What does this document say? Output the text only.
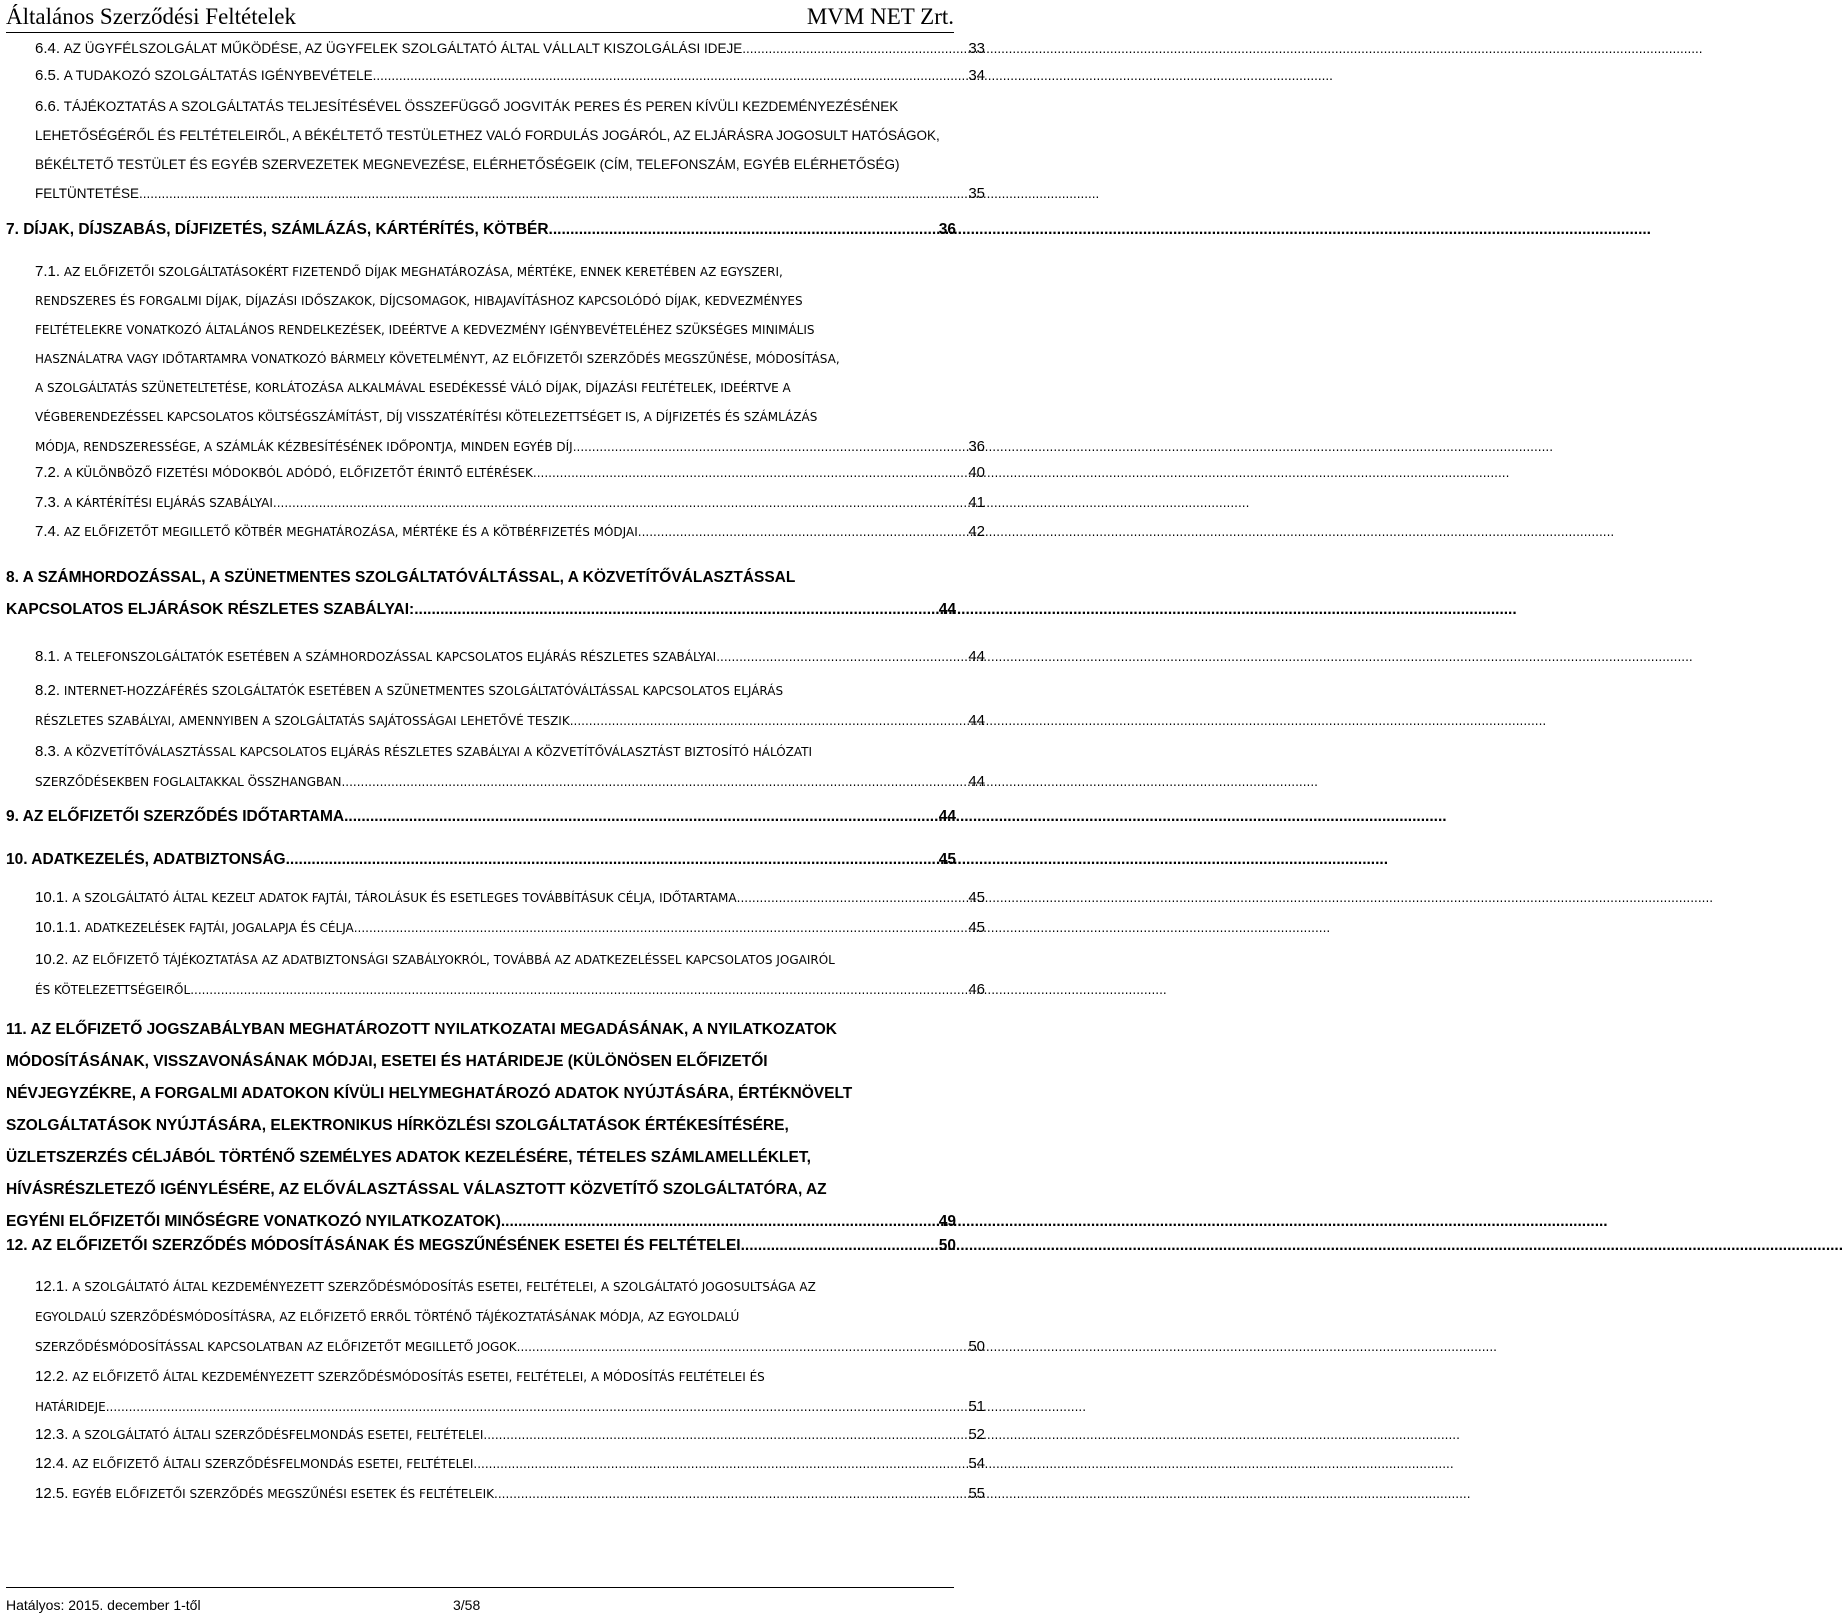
Általános Szerződési Feltételek	MVM NET Zrt.
6.4.
AZ ÜGYFÉLSZOLGÁLAT MŰKÖDÉSE, AZ ÜGYFELEK SZOLGÁLTATÓ ÁLTAL VÁLLALT KISZOLGÁLÁSI IDEJE .....	33
6.5.
A TUDAKOZÓ SZOLGÁLTATÁS IGÉNYBEVÉTELE .....	34
6.6. TÁJÉKOZTATÁS A SZOLGÁLTATÁS TELJESÍTÉSÉVEL ÖSSZEFÜGGŐ JOGVITÁK PERES ÉS PEREN KÍVÜLI KEZDEMÉNYEZÉSÉNEK
LEHETŐSÉGÉRŐL ÉS FELTÉTELEIRŐL, A BÉKÉLTETŐ TESTÜLETHEZ VALÓ FORDULÁS JOGÁRÓL, AZ ELJÁRÁSRA JOGOSULT HATÓSÁGOK,
BÉKÉLTETŐ TESTÜLET ÉS EGYÉB SZERVEZETEK MEGNEVEZÉSE, ELÉRHETŐSÉGEIK (CÍM, TELEFONSZÁM, EGYÉB ELÉRHETŐSÉG)
FELTÜNTETÉSE .....	35
7. DÍJAK, DÍJSZABÁS, DÍJFIZETÉS, SZÁMLÁZÁS, KÁRTÉRÍTÉS, KÖTBÉR .....	36
7.1. AZ ELŐFIZETŐI SZOLGÁLTATÁSOKÉRT FIZETENDŐ DÍJAK MEGHATÁROZÁSA, MÉRTÉKE, ENNEK KERETÉBEN AZ EGYSZERI,
RENDSZERES ÉS FORGALMI DÍJAK, DÍJAZÁSI IDŐSZAKOK, DÍJCSOMAGOK, HIBAJAVÍTÁSHOZ KAPCSOLÓDÓ DÍJAK, KEDVEZMÉNYES
FELTÉTELEKRE VONATKOZÓ ÁLTALÁNOS RENDELKEZÉSEK, IDEÉRTVE A KEDVEZMÉNY IGÉNYBEVÉTELÉHEZ SZÜKSÉGES MINIMÁLIS
HASZNÁLATRA VAGY IDŐTARTAMRA VONATKOZÓ BÁRMELY KÖVETELMÉNYT, AZ ELŐFIZETŐI SZERZŐDÉS MEGSZŰNÉSE, MÓDOSÍTÁSA,
A SZOLGÁLTATÁS SZÜNETELTETÉSE, KORLÁTOZÁSA ALKALMÁVAL ESEDÉKESSÉ VÁLÓ DÍJAK, DÍJAZÁSI FELTÉTELEK, IDEÉRTVE A
VÉGBERENDEZÉSSEL KAPCSOLATOS KÖLTSÉGSZÁMÍTÁST, DÍJ VISSZATÉRÍTÉSI KÖTELEZETTSÉGET IS, A DÍJFIZETÉS ÉS SZÁMLÁZÁS
MÓDJA, RENDSZERESSÉGE, A SZÁMLÁK KÉZBESÍTÉSÉNEK IDŐPONTJA, MINDEN EGYÉB DÍJ. .....	36
7.2.
A KÜLÖNBÖZŐ FIZETÉSI MÓDOKBÓL ADÓDÓ, ELŐFIZETŐT ÉRINTŐ ELTÉRÉSEK .....	40
7.3.
A KÁRTÉRÍTÉSI ELJÁRÁS SZABÁLYAI .....	41
7.4.
AZ ELŐFIZETŐT MEGILLETŐ KÖTBÉR MEGHATÁROZÁSA, MÉRTÉKE ÉS A KÖTBÉRFIZETÉS MÓDJAI .....	42
8. A SZÁMHORDOZÁSSAL, A SZÜNETMENTES SZOLGÁLTATÓVÁLTÁSSAL, A KÖZVETÍTŐVÁLASZTÁSSAL
KAPCSOLATOS ELJÁRÁSOK RÉSZLETES SZABÁLYAI: .....	44
8.1.
A TELEFONSZOLGÁLTATÓK ESETÉBEN A SZÁMHORDOZÁSSAL KAPCSOLATOS ELJÁRÁS RÉSZLETES SZABÁLYAI .....	44
8.2. INTERNET-HOZZÁFÉRÉS SZOLGÁLTATÓK ESETÉBEN A SZÜNETMENTES SZOLGÁLTATÓVÁLTÁSSAL KAPCSOLATOS ELJÁRÁS
RÉSZLETES SZABÁLYAI, AMENNYIBEN A SZOLGÁLTATÁS SAJÁTOSSÁGAI LEHETŐVÉ TESZIK .....	44
8.3. A KÖZVETÍTŐVÁLASZTÁSSAL KAPCSOLATOS ELJÁRÁS RÉSZLETES SZABÁLYAI A KÖZVETÍTŐVÁLASZTÁST BIZTOSÍTÓ HÁLÓZATI
SZERZŐDÉSEKBEN FOGLALTAKKAL ÖSSZHANGBAN .....	44
9. AZ ELŐFIZETŐI SZERZŐDÉS IDŐTARTAMA .....	44
10. ADATKEZELÉS, ADATBIZTONSÁG .....	45
10.1.
A SZOLGÁLTATÓ ÁLTAL KEZELT ADATOK FAJTÁI, TÁROLÁSUK ÉS ESETLEGES TOVÁBBÍTÁSUK CÉLJA, IDŐTARTAMA .....	45
10.1.1.
ADATKEZELÉSEK FAJTÁI, JOGALAPJA ÉS CÉLJA .....	45
10.2. AZ ELŐFIZETŐ TÁJÉKOZTATÁSA AZ ADATBIZTONSÁGI SZABÁLYOKRÓL, TOVÁBBÁ AZ ADATKEZELÉSSEL KAPCSOLATOS JOGAIRÓL
ÉS KÖTELEZETTSÉGEIRŐL .....	46
11. AZ ELŐFIZETŐ JOGSZABÁLYBAN MEGHATÁROZOTT NYILATKOZATAI MEGADÁSÁNAK, A NYILATKOZATOK
MÓDOSÍTÁSÁNAK, VISSZAVONÁSÁNAK MÓDJAI, ESETEI ÉS HATÁRIDEJE (KÜLÖNÖSEN ELŐFIZETŐI
NÉVJEGYZÉKRE, A FORGALMI ADATOKON KÍVÜLI HELYMEGHATÁROZÓ ADATOK NYÚJTÁSÁRA, ÉRTÉKNÖVELT
SZOLGÁLTATÁSOK NYÚJTÁSÁRA, ELEKTRONIKUS HÍRKÖZLÉSI SZOLGÁLTATÁSOK ÉRTÉKESÍTÉSÉRE,
ÜZLETSZERZÉS CÉLJÁBÓL TÖRTÉNŐ SZEMÉLYES ADATOK KEZELÉSÉRE, TÉTELES SZÁMLAMELLÉKLET,
HÍVÁSRÉSZLETEZŐ IGÉNYLÉSÉRE, AZ ELŐVÁLASZTÁSSAL VÁLASZTOTT KÖZVETÍTŐ SZOLGÁLTATÓRA, AZ
EGYÉNI ELŐFIZETŐI MINŐSÉGRE VONATKOZÓ NYILATKOZATOK). .....	49
12. AZ ELŐFIZETŐI SZERZŐDÉS MÓDOSÍTÁSÁNAK ÉS MEGSZŰNÉSÉNEK ESETEI ÉS FELTÉTELEI .....	50
12.1. A SZOLGÁLTATÓ ÁLTAL KEZDEMÉNYEZETT SZERZŐDÉSMÓDOSÍTÁS ESETEI, FELTÉTELEI, A SZOLGÁLTATÓ JOGOSULTSÁGA AZ
EGYOLDALÚ SZERZŐDÉSMÓDOSÍTÁSRA, AZ ELŐFIZETŐ ERRŐL TÖRTÉNŐ TÁJÉKOZTATÁSÁNAK MÓDJA, AZ EGYOLDALÚ
SZERZŐDÉSMÓDOSÍTÁSSAL KAPCSOLATBAN AZ ELŐFIZETŐT MEGILLETŐ JOGOK. .....	50
12.2. AZ ELŐFIZETŐ ÁLTAL KEZDEMÉNYEZETT SZERZŐDÉSMÓDOSÍTÁS ESETEI, FELTÉTELEI, A MÓDOSÍTÁS FELTÉTELEI ÉS
HATÁRIDEJE. .....	51
12.3.
A SZOLGÁLTATÓ ÁLTALI SZERZŐDÉSFELMONDÁS ESETEI, FELTÉTELEI .....	52
12.4.
AZ ELŐFIZETŐ ÁLTALI SZERZŐDÉSFELMONDÁS ESETEI, FELTÉTELEI. .....	54
12.5.
EGYÉB ELŐFIZETŐI SZERZŐDÉS MEGSZŰNÉSI ESETEK ÉS FELTÉTELEIK .....	55
Hatályos: 2015. december 1-től	3/58
